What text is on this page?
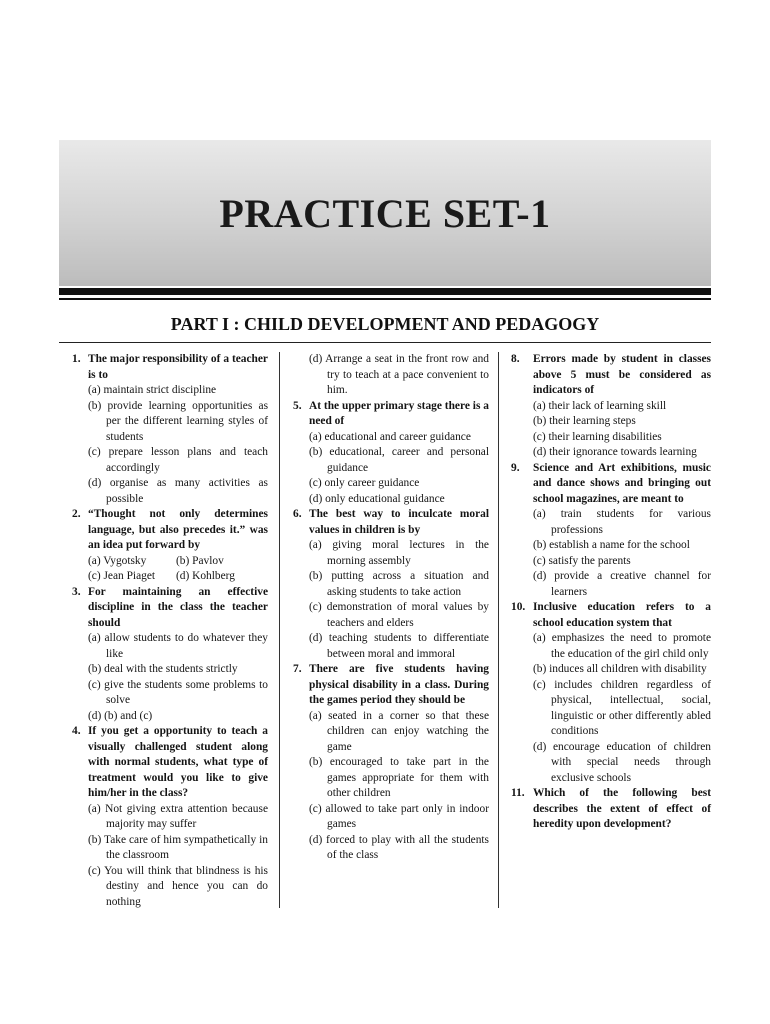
PRACTICE SET-1
PART I : CHILD DEVELOPMENT AND PEDAGOGY
1. The major responsibility of a teacher is to
(a) maintain strict discipline
(b) provide learning opportunities as per the different learning styles of students
(c) prepare lesson plans and teach accordingly
(d) organise as many activities as possible
2. “Thought not only determines language, but also precedes it.” was an idea put forward by
(a) Vygotsky	(b) Pavlov
(c) Jean Piaget	(d) Kohlberg
3. For maintaining an effective discipline in the class the teacher should
(a) allow students to do whatever they like
(b) deal with the students strictly
(c) give the students some problems to solve
(d) (b) and (c)
4. If you get a opportunity to teach a visually challenged student along with normal students, what type of treatment would you like to give him/her in the class?
(a) Not giving extra attention because majority may suffer
(b) Take care of him sympathetically in the classroom
(c) You will think that blindness is his destiny and hence you can do nothing
(d) Arrange a seat in the front row and try to teach at a pace convenient to him.
5. At the upper primary stage there is a need of
(a) educational and career guidance
(b) educational, career and personal guidance
(c) only career guidance
(d) only educational guidance
6. The best way to inculcate moral values in children is by
(a) giving moral lectures in the morning assembly
(b) putting across a situation and asking students to take action
(c) demonstration of moral values by teachers and elders
(d) teaching students to differentiate between moral and immoral
7. There are five students having physical disability in a class. During the games period they should be
(a) seated in a corner so that these children can enjoy watching the game
(b) encouraged to take part in the games appropriate for them with other children
(c) allowed to take part only in indoor games
(d) forced to play with all the students of the class
8. Errors made by student in classes above 5 must be considered as indicators of
(a) their lack of learning skill
(b) their learning steps
(c) their learning disabilities
(d) their ignorance towards learning
9. Science and Art exhibitions, music and dance shows and bringing out school magazines, are meant to
(a) train students for various professions
(b) establish a name for the school
(c) satisfy the parents
(d) provide a creative channel for learners
10. Inclusive education refers to a school education system that
(a) emphasizes the need to promote the education of the girl child only
(b) induces all children with disability
(c) includes children regardless of physical, intellectual, social, linguistic or other differently abled conditions
(d) encourage education of children with special needs through exclusive schools
11. Which of the following best describes the extent of effect of heredity upon development?
